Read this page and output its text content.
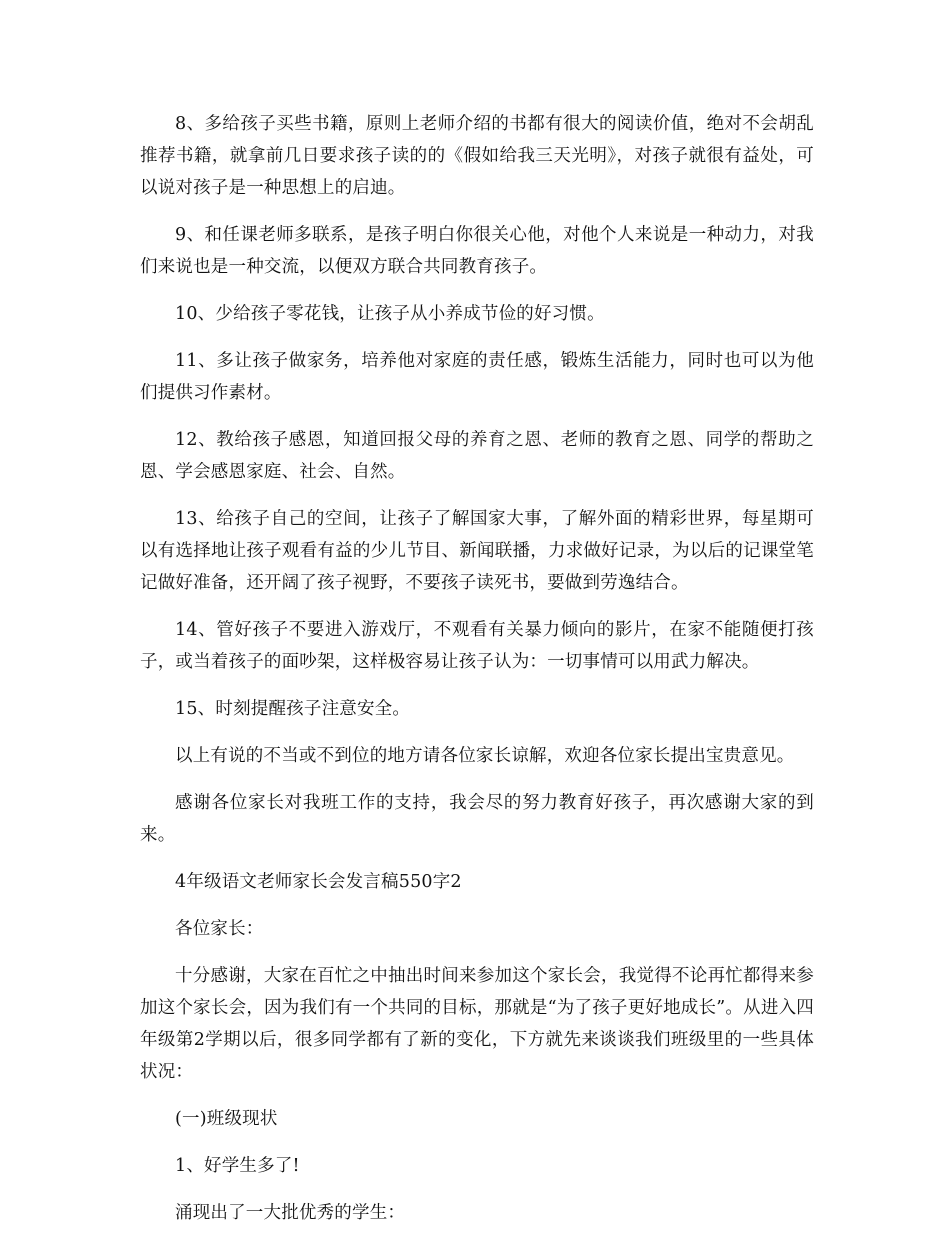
8、多给孩子买些书籍，原则上老师介绍的书都有很大的阅读价值，绝对不会胡乱推荐书籍，就拿前几日要求孩子读的的《假如给我三天光明》，对孩子就很有益处，可以说对孩子是一种思想上的启迪。

9、和任课老师多联系，是孩子明白你很关心他，对他个人来说是一种动力，对我们来说也是一种交流，以便双方联合共同教育孩子。

10、少给孩子零花钱，让孩子从小养成节俭的好习惯。

11、多让孩子做家务，培养他对家庭的责任感，锻炼生活能力，同时也可以为他们提供习作素材。

12、教给孩子感恩，知道回报父母的养育之恩、老师的教育之恩、同学的帮助之恩、学会感恩家庭、社会、自然。

13、给孩子自己的空间，让孩子了解国家大事，了解外面的精彩世界，每星期可以有选择地让孩子观看有益的少儿节目、新闻联播，力求做好记录，为以后的记课堂笔记做好准备，还开阔了孩子视野，不要孩子读死书，要做到劳逸结合。

14、管好孩子不要进入游戏厅，不观看有关暴力倾向的影片，在家不能随便打孩子，或当着孩子的面吵架，这样极容易让孩子认为：一切事情可以用武力解决。

15、时刻提醒孩子注意安全。

以上有说的不当或不到位的地方请各位家长谅解，欢迎各位家长提出宝贵意见。

感谢各位家长对我班工作的支持，我会尽的努力教育好孩子，再次感谢大家的到来。

4年级语文老师家长会发言稿550字2

各位家长：

十分感谢，大家在百忙之中抽出时间来参加这个家长会，我觉得不论再忙都得来参加这个家长会，因为我们有一个共同的目标，那就是“为了孩子更好地成长”。从进入四年级第2学期以后，很多同学都有了新的变化，下方就先来谈谈我们班级里的一些具体状况：

(一)班级现状

1、好学生多了!

涌现出了一大批优秀的学生：
